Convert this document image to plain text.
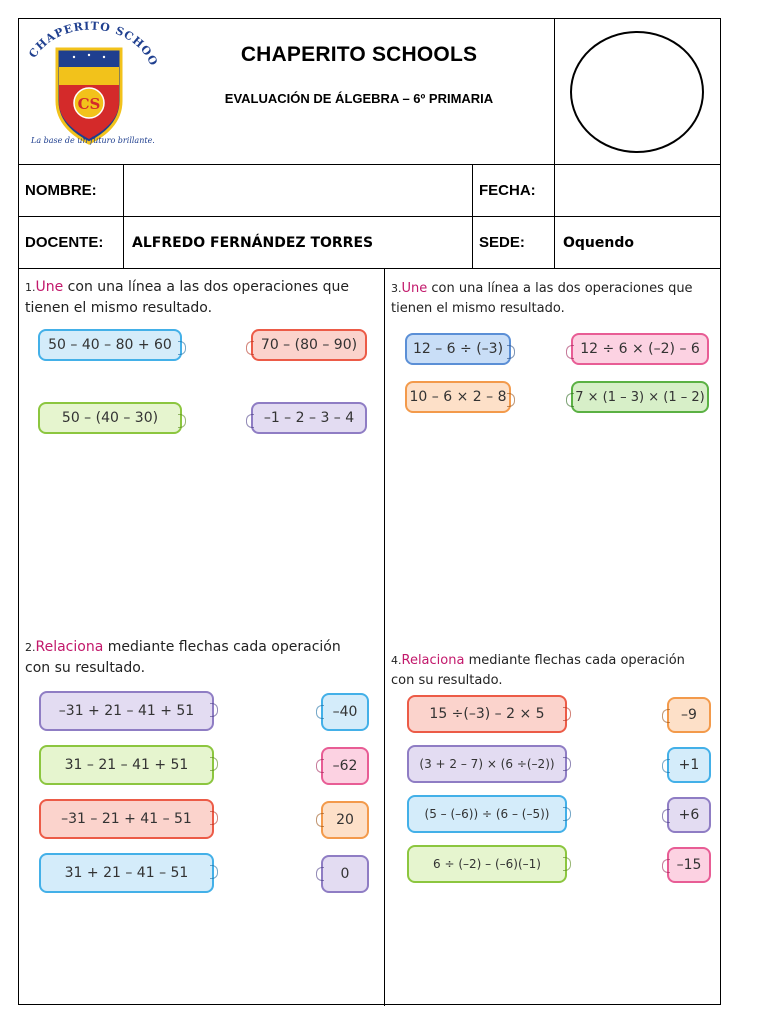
CHAPERITO SCHOO
CS
La base de un futuro brillante.
CHAPERITO SCHOOLS
EVALUACIÓN DE ÁLGEBRA – 6º PRIMARIA
NOMBRE:	FECHA:
DOCENTE:	ALFREDO FERNÁNDEZ TORRES	SEDE:	Oquendo
1.Une con una línea a las dos operaciones que
tienen el mismo resultado.
50 – 40 – 80 + 60	70 – (80 – 90)
50 – (40 – 30)	–1 – 2 – 3 – 4
2.Relaciona mediante flechas cada operación
con su resultado.
–31 + 21 – 41 + 51
31 – 21 – 41 + 51
–31 – 21 + 41 – 51
31 + 21 – 41 – 51
–40
–62
20
0
3.Une con una línea a las dos operaciones que
tienen el mismo resultado.
12 – 6 ÷ (–3)	12 ÷ 6 × (–2) – 6
10 – 6 × 2 – 8	7 × (1 – 3) × (1 – 2)
4.Relaciona mediante flechas cada operación
con su resultado.
15 ÷(–3) – 2 × 5
(3 + 2 – 7) × (6 ÷(–2))
(5 – (–6)) ÷ (6 – (–5))
6 ÷ (–2) – (–6)(–1)
–9
+1
+6
–15
